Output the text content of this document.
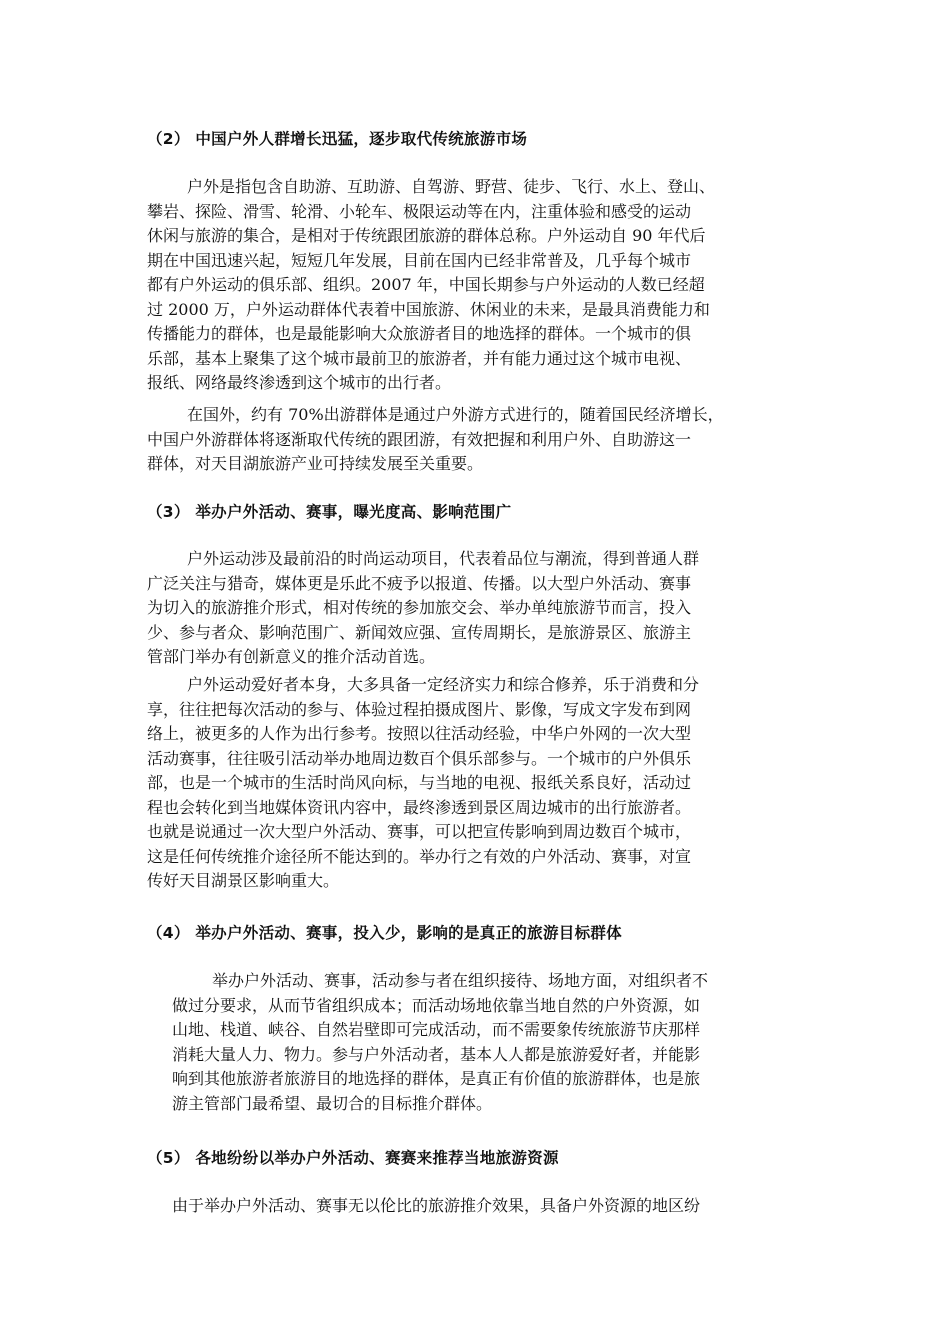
（2） 中国户外人群增长迅猛，逐步取代传统旅游市场
户外是指包含自助游、互助游、自驾游、野营、徒步、飞行、水上、登山、
攀岩、探险、滑雪、轮滑、小轮车、极限运动等在内，注重体验和感受的运动
休闲与旅游的集合，是相对于传统跟团旅游的群体总称。户外运动自 90 年代后
期在中国迅速兴起，短短几年发展，目前在国内已经非常普及，几乎每个城市
都有户外运动的俱乐部、组织。2007 年，中国长期参与户外运动的人数已经超
过 2000 万，户外运动群体代表着中国旅游、休闲业的未来，是最具消费能力和
传播能力的群体，也是最能影响大众旅游者目的地选择的群体。一个城市的俱
乐部，基本上聚集了这个城市最前卫的旅游者，并有能力通过这个城市电视、
报纸、网络最终渗透到这个城市的出行者。
在国外，约有 70%出游群体是通过户外游方式进行的，随着国民经济增长，
中国户外游群体将逐渐取代传统的跟团游，有效把握和利用户外、自助游这一
群体，对天目湖旅游产业可持续发展至关重要。
（3） 举办户外活动、赛事，曝光度高、影响范围广
户外运动涉及最前沿的时尚运动项目，代表着品位与潮流，得到普通人群
广泛关注与猎奇，媒体更是乐此不疲予以报道、传播。以大型户外活动、赛事
为切入的旅游推介形式，相对传统的参加旅交会、举办单纯旅游节而言，投入
少、参与者众、影响范围广、新闻效应强、宣传周期长，是旅游景区、旅游主
管部门举办有创新意义的推介活动首选。
户外运动爱好者本身，大多具备一定经济实力和综合修养，乐于消费和分
享，往往把每次活动的参与、体验过程拍摄成图片、影像，写成文字发布到网
络上，被更多的人作为出行参考。按照以往活动经验，中华户外网的一次大型
活动赛事，往往吸引活动举办地周边数百个俱乐部参与。一个城市的户外俱乐
部，也是一个城市的生活时尚风向标，与当地的电视、报纸关系良好，活动过
程也会转化到当地媒体资讯内容中，最终渗透到景区周边城市的出行旅游者。
也就是说通过一次大型户外活动、赛事，可以把宣传影响到周边数百个城市，
这是任何传统推介途径所不能达到的。举办行之有效的户外活动、赛事，对宣
传好天目湖景区影响重大。
（4） 举办户外活动、赛事，投入少，影响的是真正的旅游目标群体
举办户外活动、赛事，活动参与者在组织接待、场地方面，对组织者不
做过分要求，从而节省组织成本；而活动场地依靠当地自然的户外资源，如
山地、栈道、峡谷、自然岩壁即可完成活动，而不需要象传统旅游节庆那样
消耗大量人力、物力。参与户外活动者，基本人人都是旅游爱好者，并能影
响到其他旅游者旅游目的地选择的群体，是真正有价值的旅游群体，也是旅
游主管部门最希望、最切合的目标推介群体。
（5） 各地纷纷以举办户外活动、赛赛来推荐当地旅游资源
由于举办户外活动、赛事无以伦比的旅游推介效果，具备户外资源的地区纷
